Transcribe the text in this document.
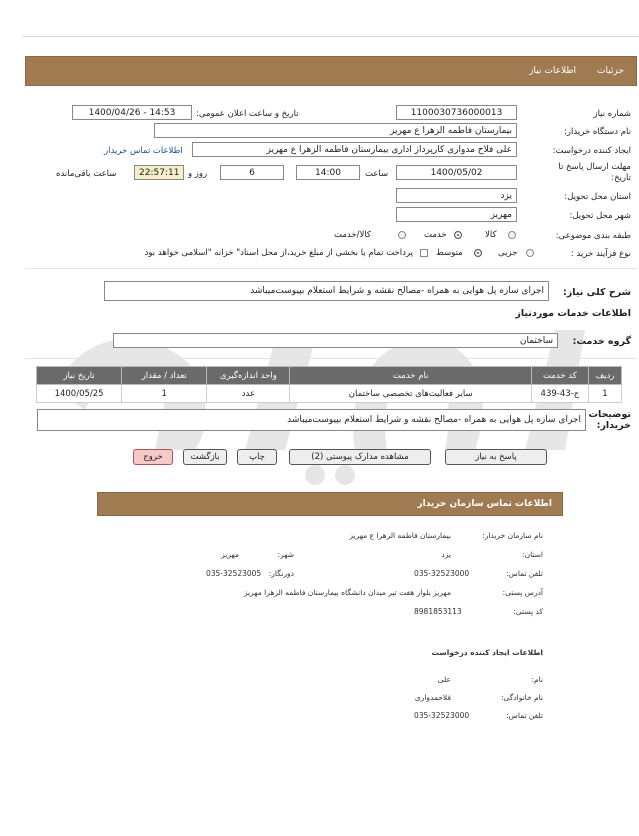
جزئیات
اطلاعات نیاز
شماره نیاز
1100030736000013
تاریخ و ساعت اعلان عمومی:
1400/04/26 - 14:53
نام دستگاه خریدار:
بیمارستان فاطمه الزهرا ع مهریز
ایجاد کننده درخواست:
علی فلاح مدواری کارپرداز اداری بیمارستان فاطمه الزهرا ع مهریز
اطلاعات تماس خریدار
مهلت ارسال پاسخ تا تاریخ:
1400/05/02
ساعت
14:00
6
روز و
22:57:11
ساعت باقی‌مانده
استان محل تحویل:
یزد
شهر محل تحویل:
مهریز
طبقه بندی موضوعی:
کالا
خدمت
کالا/خدمت
نوع فرآیند خرید :
جزیی
متوسط
پرداخت تمام یا بخشی از مبلغ خرید،از محل اسناد" خزانه "اسلامی خواهد بود
شرح کلی نیاز:
اجرای سازه پل هوایی به همراه -مصالح نقشه و شرایط استعلام بپیوست‌میباشد
اطلاعات خدمات مورد‌نیاز
گروه خدمت:
ساختمان
ردیف	کد خدمت	نام خدمت	واحد اندازه‌گیری	تعداد / مقدار	تاریخ نیاز
1	ج-43-439	سایر فعالیت‌های تخصصی ساختمان	عدد	1	1400/05/25
توضیحات خریدار:
اجرای سازه پل هوایی به همراه -مصالح نقشه و شرایط استعلام بپیوست‌میباشد
پاسخ به نیاز
مشاهده مدارک پیوستی (2)
چاپ
بازگشت
خروج
اطلاعات تماس سازمان خریدار
نام سازمان خریدار:
بیمارستان فاطمه الزهرا ع مهریز
استان:
یزد
شهر:
مهریز
تلفن تماس:
035-32523000
دورنگار:
035-32523005
آدرس پستی:
مهریز بلوار هفت تیر میدان دانشگاه بیمارستان فاطمه الزهرا مهریز
کد پستی:
8981853113
اطلاعات ایجاد کننده درخواست
نام:
علی
نام خانوادگی:
فلاحمدواری
تلفن تماس:
035-32523000
